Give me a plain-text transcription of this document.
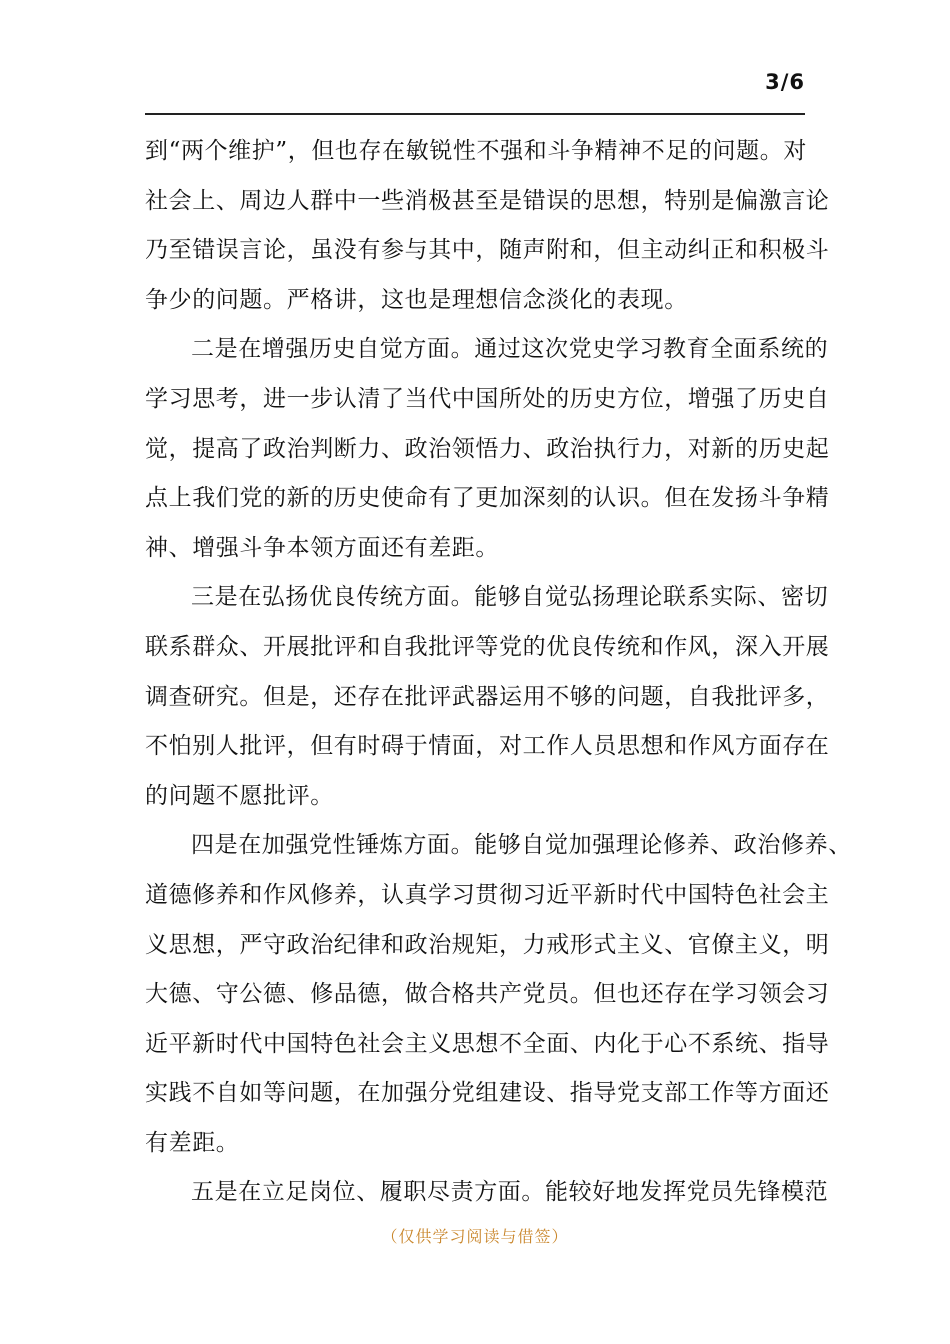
3/6
到“两个维护”，但也存在敏锐性不强和斗争精神不足的问题。对
社会上、周边人群中一些消极甚至是错误的思想，特别是偏激言论
乃至错误言论，虽没有参与其中，随声附和，但主动纠正和积极斗
争少的问题。严格讲，这也是理想信念淡化的表现。
二是在增强历史自觉方面。通过这次党史学习教育全面系统的
学习思考，进一步认清了当代中国所处的历史方位，增强了历史自
觉，提高了政治判断力、政治领悟力、政治执行力，对新的历史起
点上我们党的新的历史使命有了更加深刻的认识。但在发扬斗争精
神、增强斗争本领方面还有差距。
三是在弘扬优良传统方面。能够自觉弘扬理论联系实际、密切
联系群众、开展批评和自我批评等党的优良传统和作风，深入开展
调查研究。但是，还存在批评武器运用不够的问题，自我批评多，
不怕别人批评，但有时碍于情面，对工作人员思想和作风方面存在
的问题不愿批评。
四是在加强党性锤炼方面。能够自觉加强理论修养、政治修养、
道德修养和作风修养，认真学习贯彻习近平新时代中国特色社会主
义思想，严守政治纪律和政治规矩，力戒形式主义、官僚主义，明
大德、守公德、修品德，做合格共产党员。但也还存在学习领会习
近平新时代中国特色社会主义思想不全面、内化于心不系统、指导
实践不自如等问题，在加强分党组建设、指导党支部工作等方面还
有差距。
五是在立足岗位、履职尽责方面。能较好地发挥党员先锋模范
（仅供学习阅读与借签）
